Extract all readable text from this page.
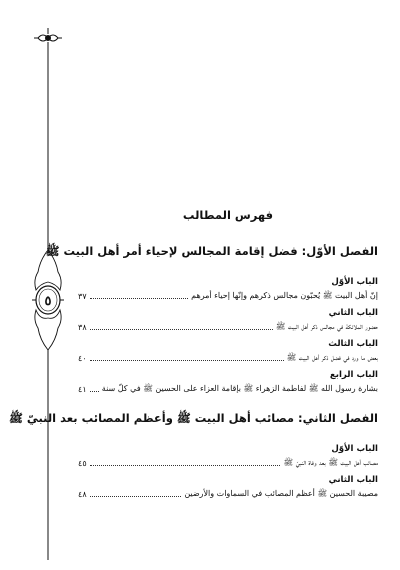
٥
فهرس المطالب
الفصل الأوّل: فضل إقامة المجالس لإحياء أمر أهل البيت ﷺ
الباب الأوّل
إنّ أهل البيت ﷺ يُحبّون مجالس ذكرهم وإنّها إحياء أمرهم
٣٧
الباب الثاني
حضور الملائكة في مجالس ذكر أهل البيت ﷺ
٣٨
الباب الثالث
بعض ما ورد في فضل ذكر أهل البيت ﷺ
٤٠
الباب الرابع
بشارة رسول الله ﷺ لفاطمة الزهراء ﷺ بإقامة العزاء على الحسين ﷺ في كلّ سنة
٤١
الفصل الثاني: مصائب أهل البيت ﷺ وأعظم المصائب بعد النبيّ ﷺ
الباب الأوّل
مصائب أهل البيت ﷺ بعد وفاة النبيّ ﷺ
٤٥
الباب الثاني
مصيبة الحسين ﷺ أعظم المصائب في السماوات والأرضين
٤٨
